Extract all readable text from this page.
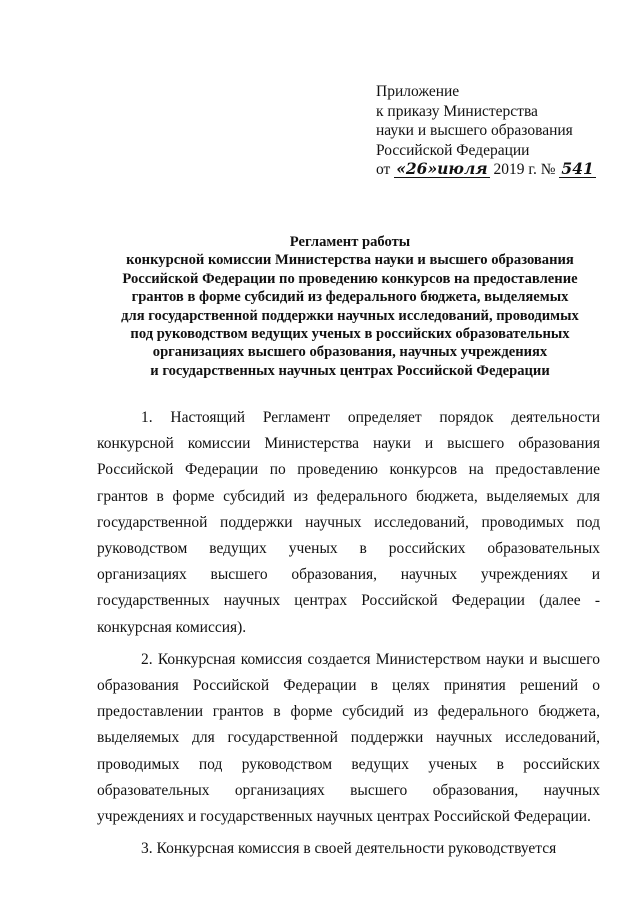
Приложение
к приказу Министерства
науки и высшего образования
Российской Федерации
от «26»июля 2019 г. № 541
Регламент работы
конкурсной комиссии Министерства науки и высшего образования
Российской Федерации по проведению конкурсов на предоставление
грантов в форме субсидий из федерального бюджета, выделяемых
для государственной поддержки научных исследований, проводимых
под руководством ведущих ученых в российских образовательных
организациях высшего образования, научных учреждениях
и государственных научных центрах Российской Федерации

1. Настоящий Регламент определяет порядок деятельности конкурсной комиссии Министерства науки и высшего образования Российской Федерации по проведению конкурсов на предоставление грантов в форме субсидий из федерального бюджета, выделяемых для государственной поддержки научных исследований, проводимых под руководством ведущих ученых в российских образовательных организациях высшего образования, научных учреждениях и государственных научных центрах Российской Федерации (далее - конкурсная комиссия).

2. Конкурсная комиссия создается Министерством науки и высшего образования Российской Федерации в целях принятия решений о предоставлении грантов в форме субсидий из федерального бюджета, выделяемых для государственной поддержки научных исследований, проводимых под руководством ведущих ученых в российских образовательных организациях высшего образования, научных учреждениях и государственных научных центрах Российской Федерации.

3. Конкурсная комиссия в своей деятельности руководствуется
